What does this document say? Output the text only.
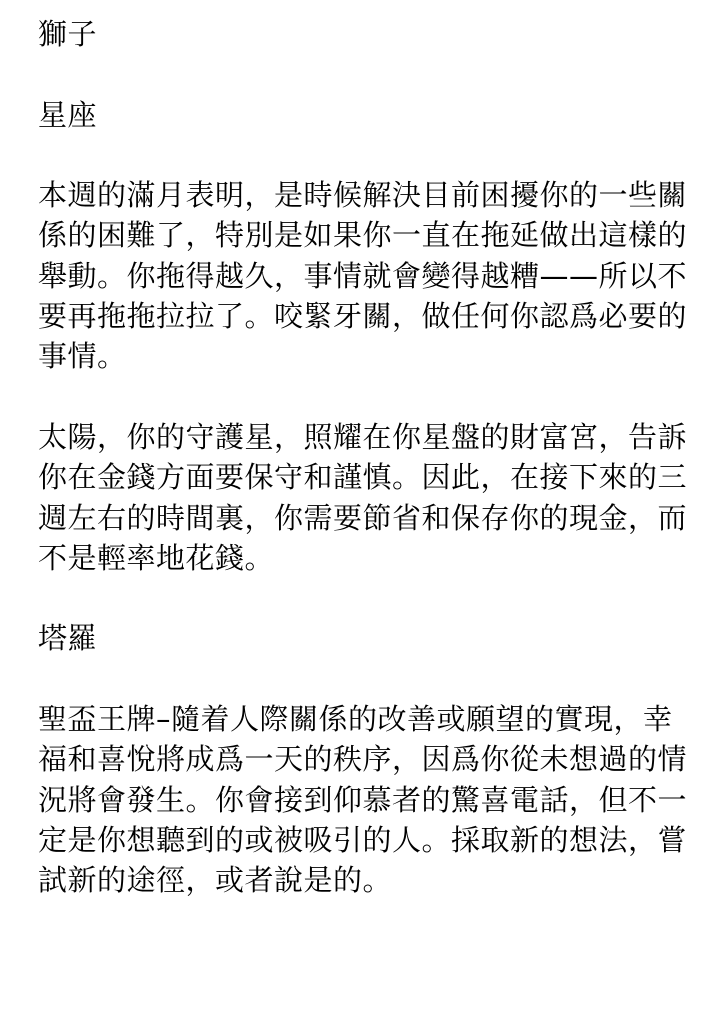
獅子
星座
本週的滿月表明，是時候解決目前困擾你的一些關
係的困難了，特別是如果你一直在拖延做出這樣的
舉動。你拖得越久，事情就會變得越糟——所以不
要再拖拖拉拉了。咬緊牙關，做任何你認爲必要的
事情。
太陽，你的守護星，照耀在你星盤的財富宮，告訴
你在金錢方面要保守和謹慎。因此，在接下來的三
週左右的時間裏，你需要節省和保存你的現金，而
不是輕率地花錢。
塔羅
聖盃王牌–隨着人際關係的改善或願望的實現，幸
福和喜悅將成爲一天的秩序，因爲你從未想過的情
況將會發生。你會接到仰慕者的驚喜電話，但不一
定是你想聽到的或被吸引的人。採取新的想法，嘗
試新的途徑，或者說是的。
